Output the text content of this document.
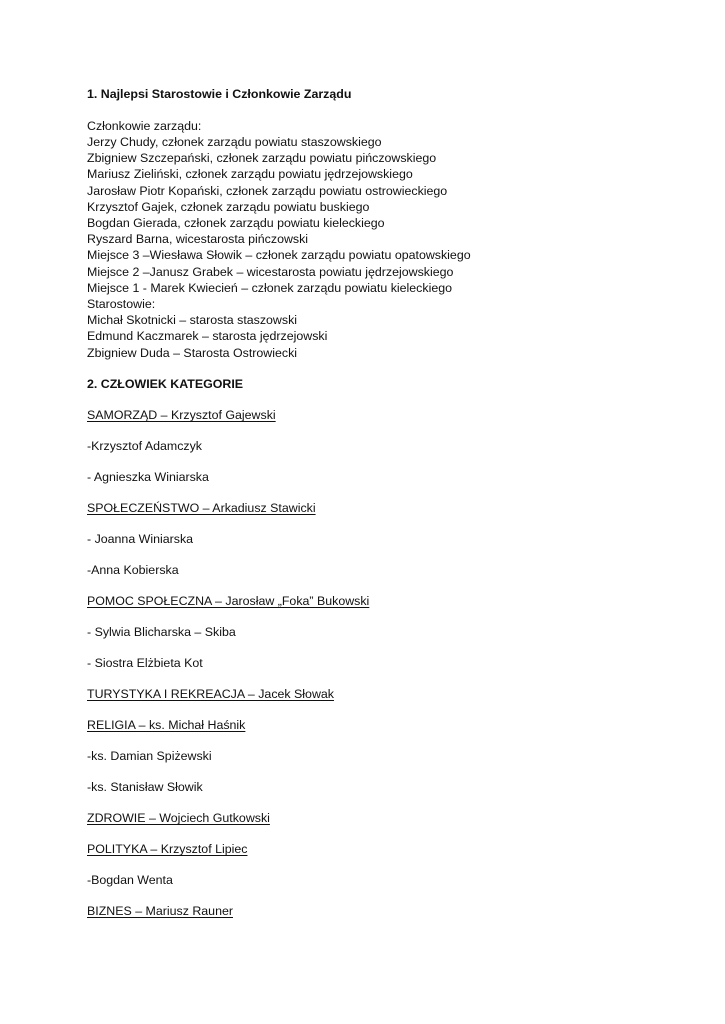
1. Najlepsi Starostowie i Członkowie Zarządu

Członkowie zarządu:
Jerzy Chudy, członek zarządu powiatu staszowskiego
Zbigniew Szczepański, członek zarządu powiatu pińczowskiego
Mariusz Zieliński, członek zarządu powiatu jędrzejowskiego
Jarosław Piotr Kopański, członek zarządu powiatu ostrowieckiego
Krzysztof Gajek, członek zarządu powiatu buskiego
Bogdan Gierada, członek zarządu powiatu kieleckiego
Ryszard Barna, wicestarosta pińczowski
Miejsce 3 –Wiesława Słowik – członek zarządu powiatu opatowskiego
Miejsce 2 –Janusz Grabek – wicestarosta powiatu jędrzejowskiego
Miejsce 1 - Marek Kwiecień – członek zarządu powiatu kieleckiego
Starostowie:
Michał Skotnicki – starosta staszowski
Edmund Kaczmarek – starosta jędrzejowski
Zbigniew Duda – Starosta Ostrowiecki
2. CZŁOWIEK KATEGORIE
SAMORZĄD – Krzysztof Gajewski
-Krzysztof Adamczyk
- Agnieszka Winiarska
SPOŁECZEŃSTWO – Arkadiusz Stawicki
- Joanna Winiarska
-Anna Kobierska
POMOC SPOŁECZNA – Jarosław „Foka” Bukowski
- Sylwia Blicharska – Skiba
- Siostra Elżbieta Kot
TURYSTYKA I REKREACJA – Jacek Słowak
RELIGIA – ks. Michał Haśnik
-ks. Damian Spiżewski
-ks. Stanisław Słowik
ZDROWIE – Wojciech Gutkowski
POLITYKA – Krzysztof Lipiec
-Bogdan Wenta
BIZNES – Mariusz Rauner
